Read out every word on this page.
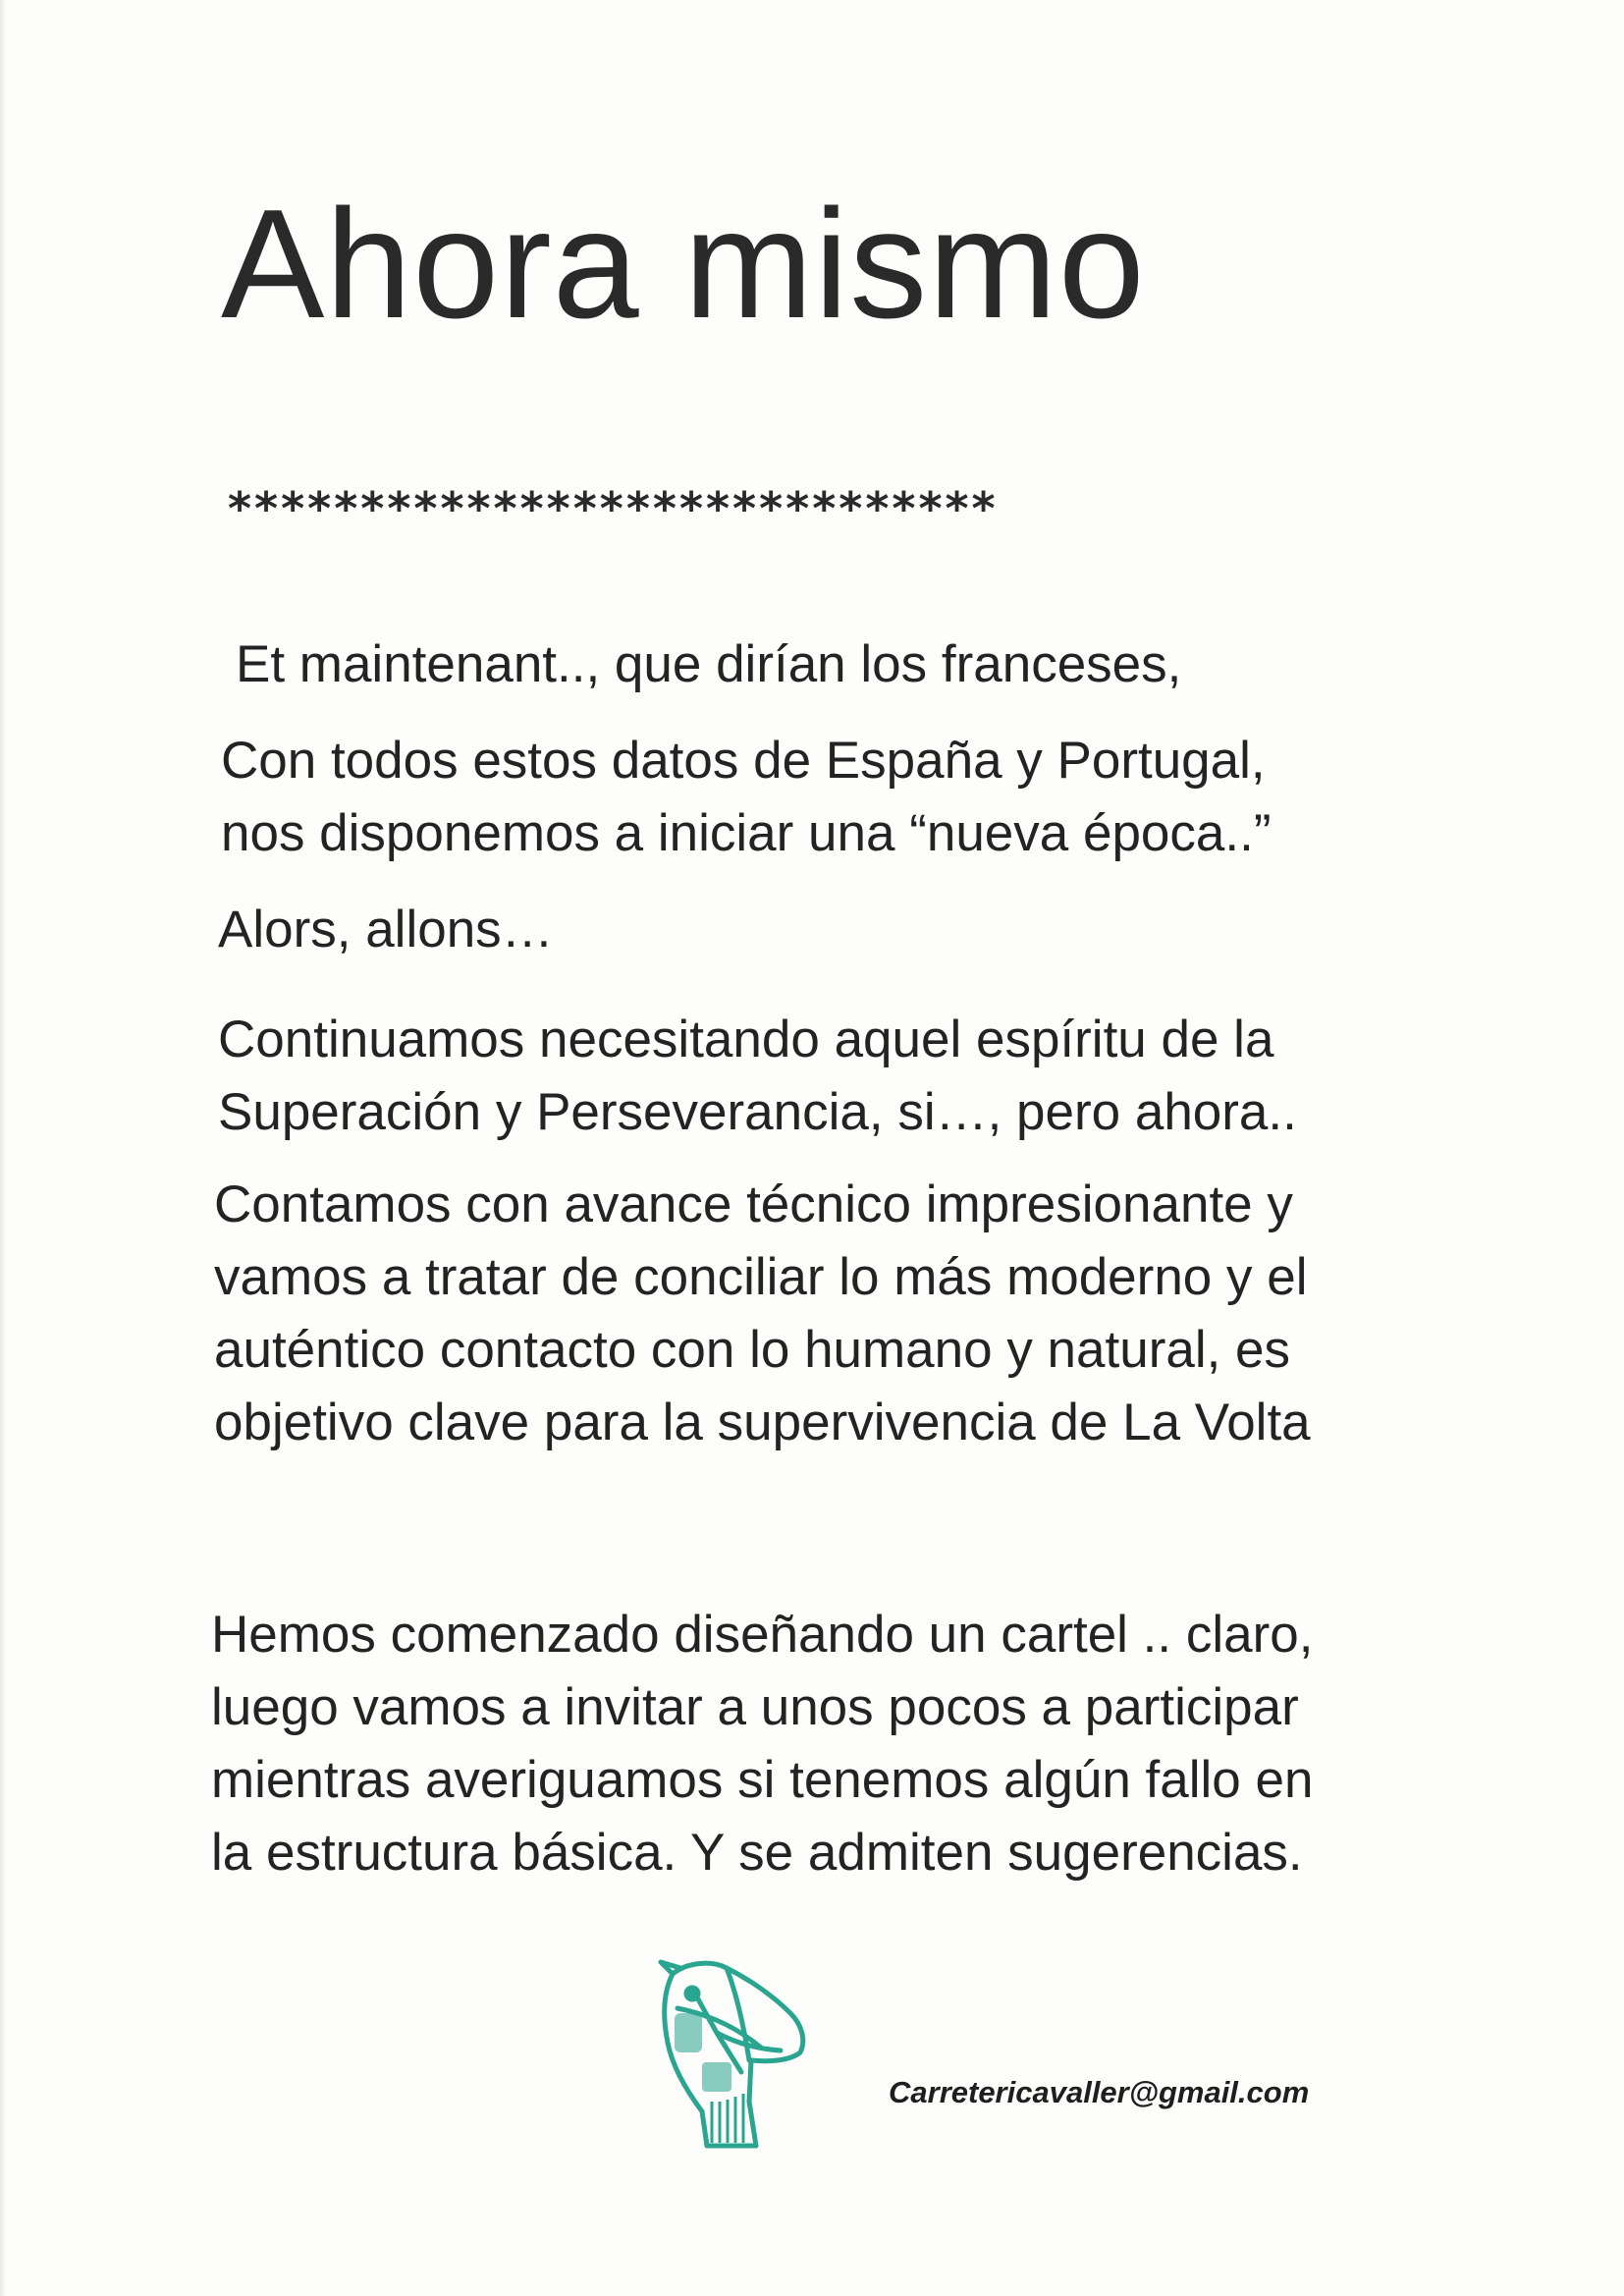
Ahora mismo
*****************************

Et maintenant.., que dirían los franceses,

Con todos estos datos de España y Portugal,
nos disponemos a iniciar una “nueva época..”

Alors, allons…

Continuamos necesitando aquel espíritu de la
Superación y Perseverancia, si…, pero ahora..

Contamos con avance técnico impresionante y
vamos a tratar de conciliar lo más moderno y el
auténtico contacto con lo humano y natural, es
objetivo clave para la supervivencia de La Volta

Hemos comenzado diseñando un cartel .. claro,
luego vamos a invitar a unos pocos a participar
mientras averiguamos si tenemos algún fallo en
la estructura básica. Y se admiten sugerencias.

Carretericavaller@gmail.com
